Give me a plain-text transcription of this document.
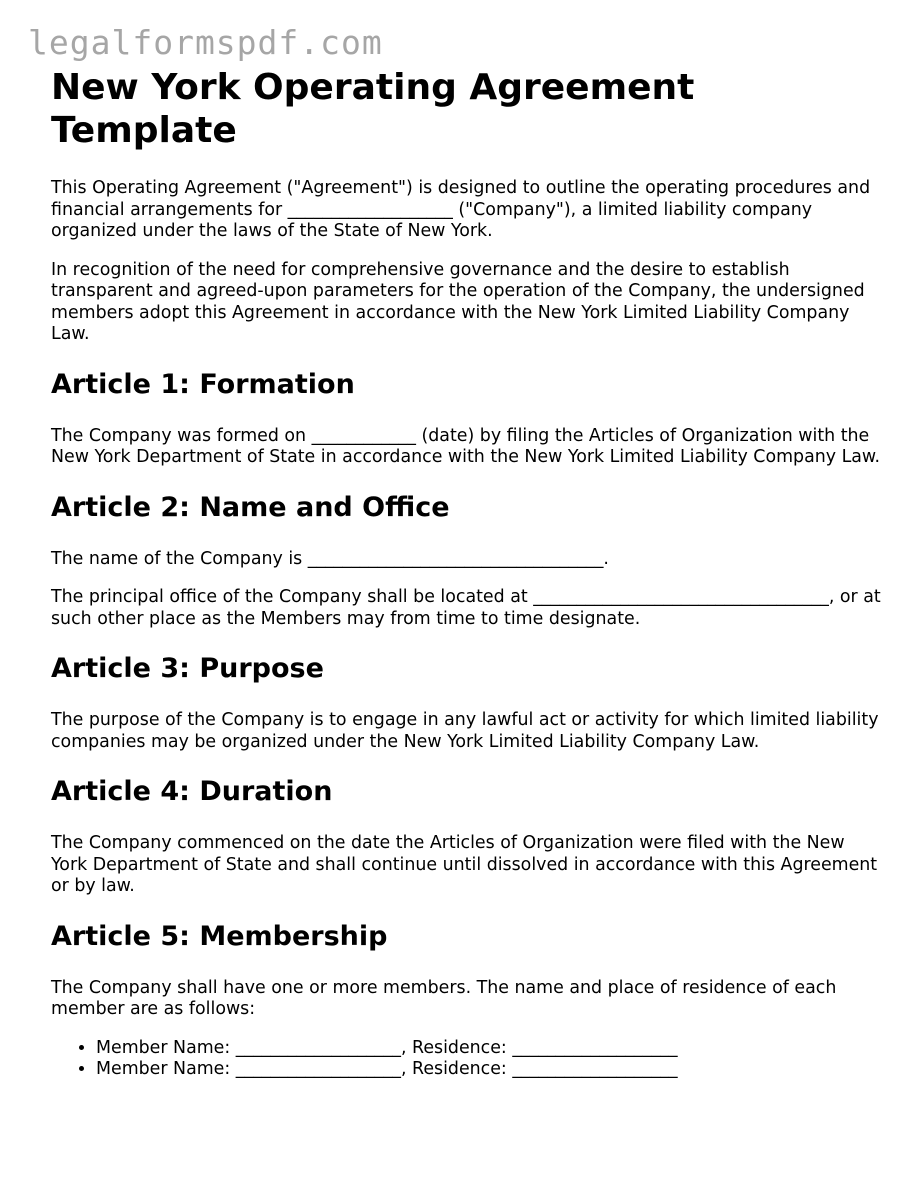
legalformspdf.com
New York Operating Agreement Template

This Operating Agreement ("Agreement") is designed to outline the operating procedures and financial arrangements for ___________________ ("Company"), a limited liability company organized under the laws of the State of New York.

In recognition of the need for comprehensive governance and the desire to establish transparent and agreed-upon parameters for the operation of the Company, the undersigned members adopt this Agreement in accordance with the New York Limited Liability Company Law.

Article 1: Formation

The Company was formed on ____________ (date) by filing the Articles of Organization with the New York Department of State in accordance with the New York Limited Liability Company Law.

Article 2: Name and Office

The name of the Company is __________________________________.

The principal office of the Company shall be located at __________________________________, or at such other place as the Members may from time to time designate.

Article 3: Purpose

The purpose of the Company is to engage in any lawful act or activity for which limited liability companies may be organized under the New York Limited Liability Company Law.

Article 4: Duration

The Company commenced on the date the Articles of Organization were filed with the New York Department of State and shall continue until dissolved in accordance with this Agreement or by law.

Article 5: Membership

The Company shall have one or more members. The name and place of residence of each member are as follows:

• Member Name: ___________________, Residence: ___________________
• Member Name: ___________________, Residence: ___________________
